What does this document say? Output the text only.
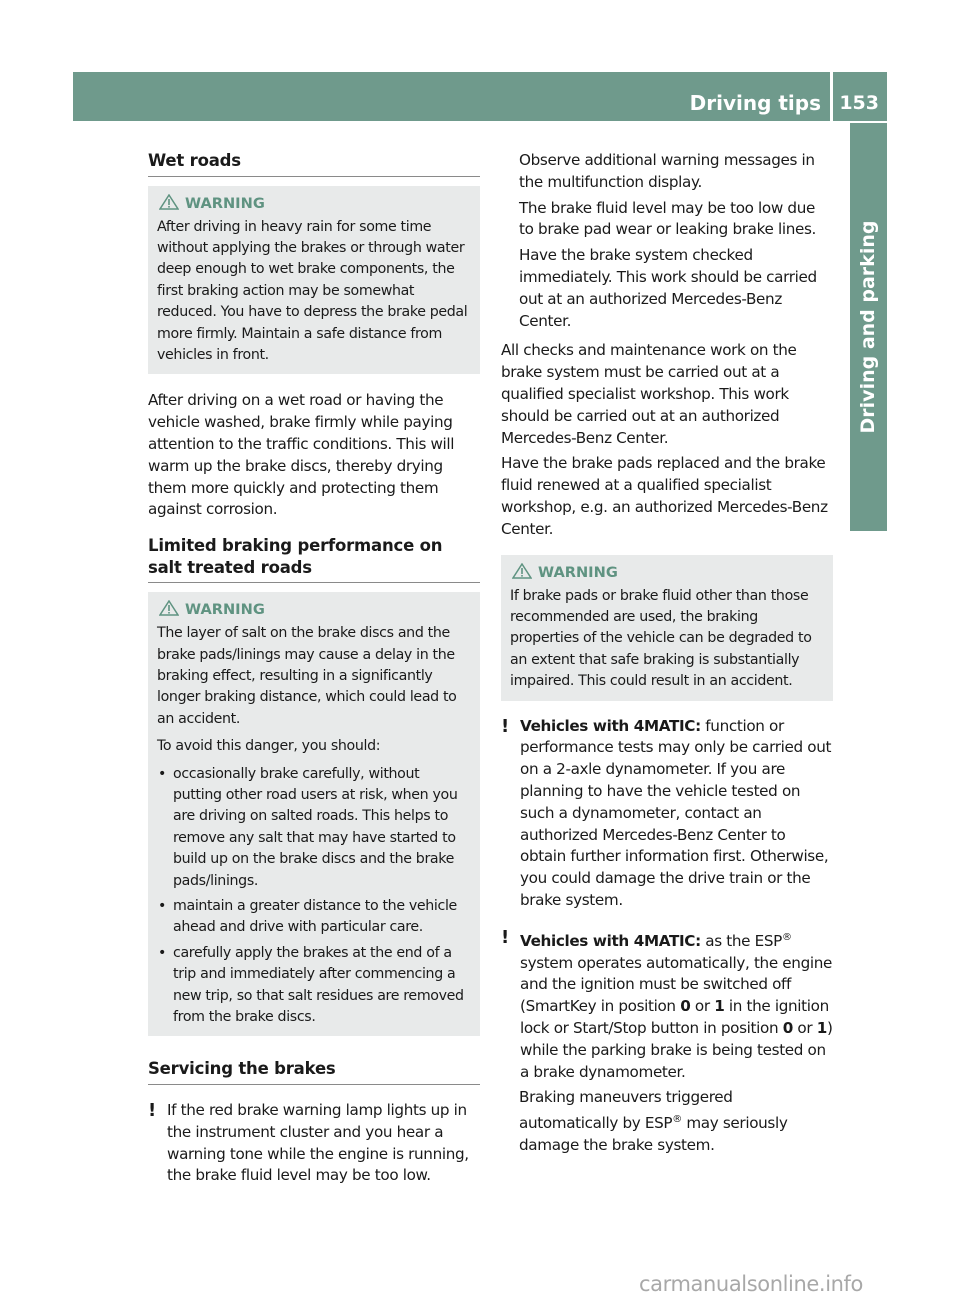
Driving tips 153
Driving and parking
Wet roads
WARNING

After driving in heavy rain for some time without applying the brakes or through water deep enough to wet brake components, the first braking action may be somewhat reduced. You have to depress the brake pedal more firmly. Maintain a safe distance from vehicles in front.

After driving on a wet road or having the vehicle washed, brake firmly while paying attention to the traffic conditions. This will warm up the brake discs, thereby drying them more quickly and protecting them against corrosion.

Limited braking performance on salt treated roads
WARNING

The layer of salt on the brake discs and the brake pads/linings may cause a delay in the braking effect, resulting in a significantly longer braking distance, which could lead to an accident.

To avoid this danger, you should:

• occasionally brake carefully, without putting other road users at risk, when you are driving on salted roads. This helps to remove any salt that may have started to build up on the brake discs and the brake pads/linings.
• maintain a greater distance to the vehicle ahead and drive with particular care.
• carefully apply the brakes at the end of a trip and immediately after commencing a new trip, so that salt residues are removed from the brake discs.
Servicing the brakes

! If the red brake warning lamp lights up in the instrument cluster and you hear a warning tone while the engine is running, the brake fluid level may be too low.

Observe additional warning messages in the multifunction display.

The brake fluid level may be too low due to brake pad wear or leaking brake lines.

Have the brake system checked immediately. This work should be carried out at an authorized Mercedes-Benz Center.

All checks and maintenance work on the brake system must be carried out at a qualified specialist workshop. This work should be carried out at an authorized Mercedes-Benz Center.

Have the brake pads replaced and the brake fluid renewed at a qualified specialist workshop, e.g. an authorized Mercedes-Benz Center.

WARNING

If brake pads or brake fluid other than those recommended are used, the braking properties of the vehicle can be degraded to an extent that safe braking is substantially impaired. This could result in an accident.

! Vehicles with 4MATIC: function or performance tests may only be carried out on a 2-axle dynamometer. If you are planning to have the vehicle tested on such a dynamometer, contact an authorized Mercedes-Benz Center to obtain further information first. Otherwise, you could damage the drive train or the brake system.

! Vehicles with 4MATIC: as the ESP® system operates automatically, the engine and the ignition must be switched off (SmartKey in position 0 or 1 in the ignition lock or Start/Stop button in position 0 or 1) while the parking brake is being tested on a brake dynamometer.

Braking maneuvers triggered automatically by ESP® may seriously damage the brake system.

carmanualsonline.info
